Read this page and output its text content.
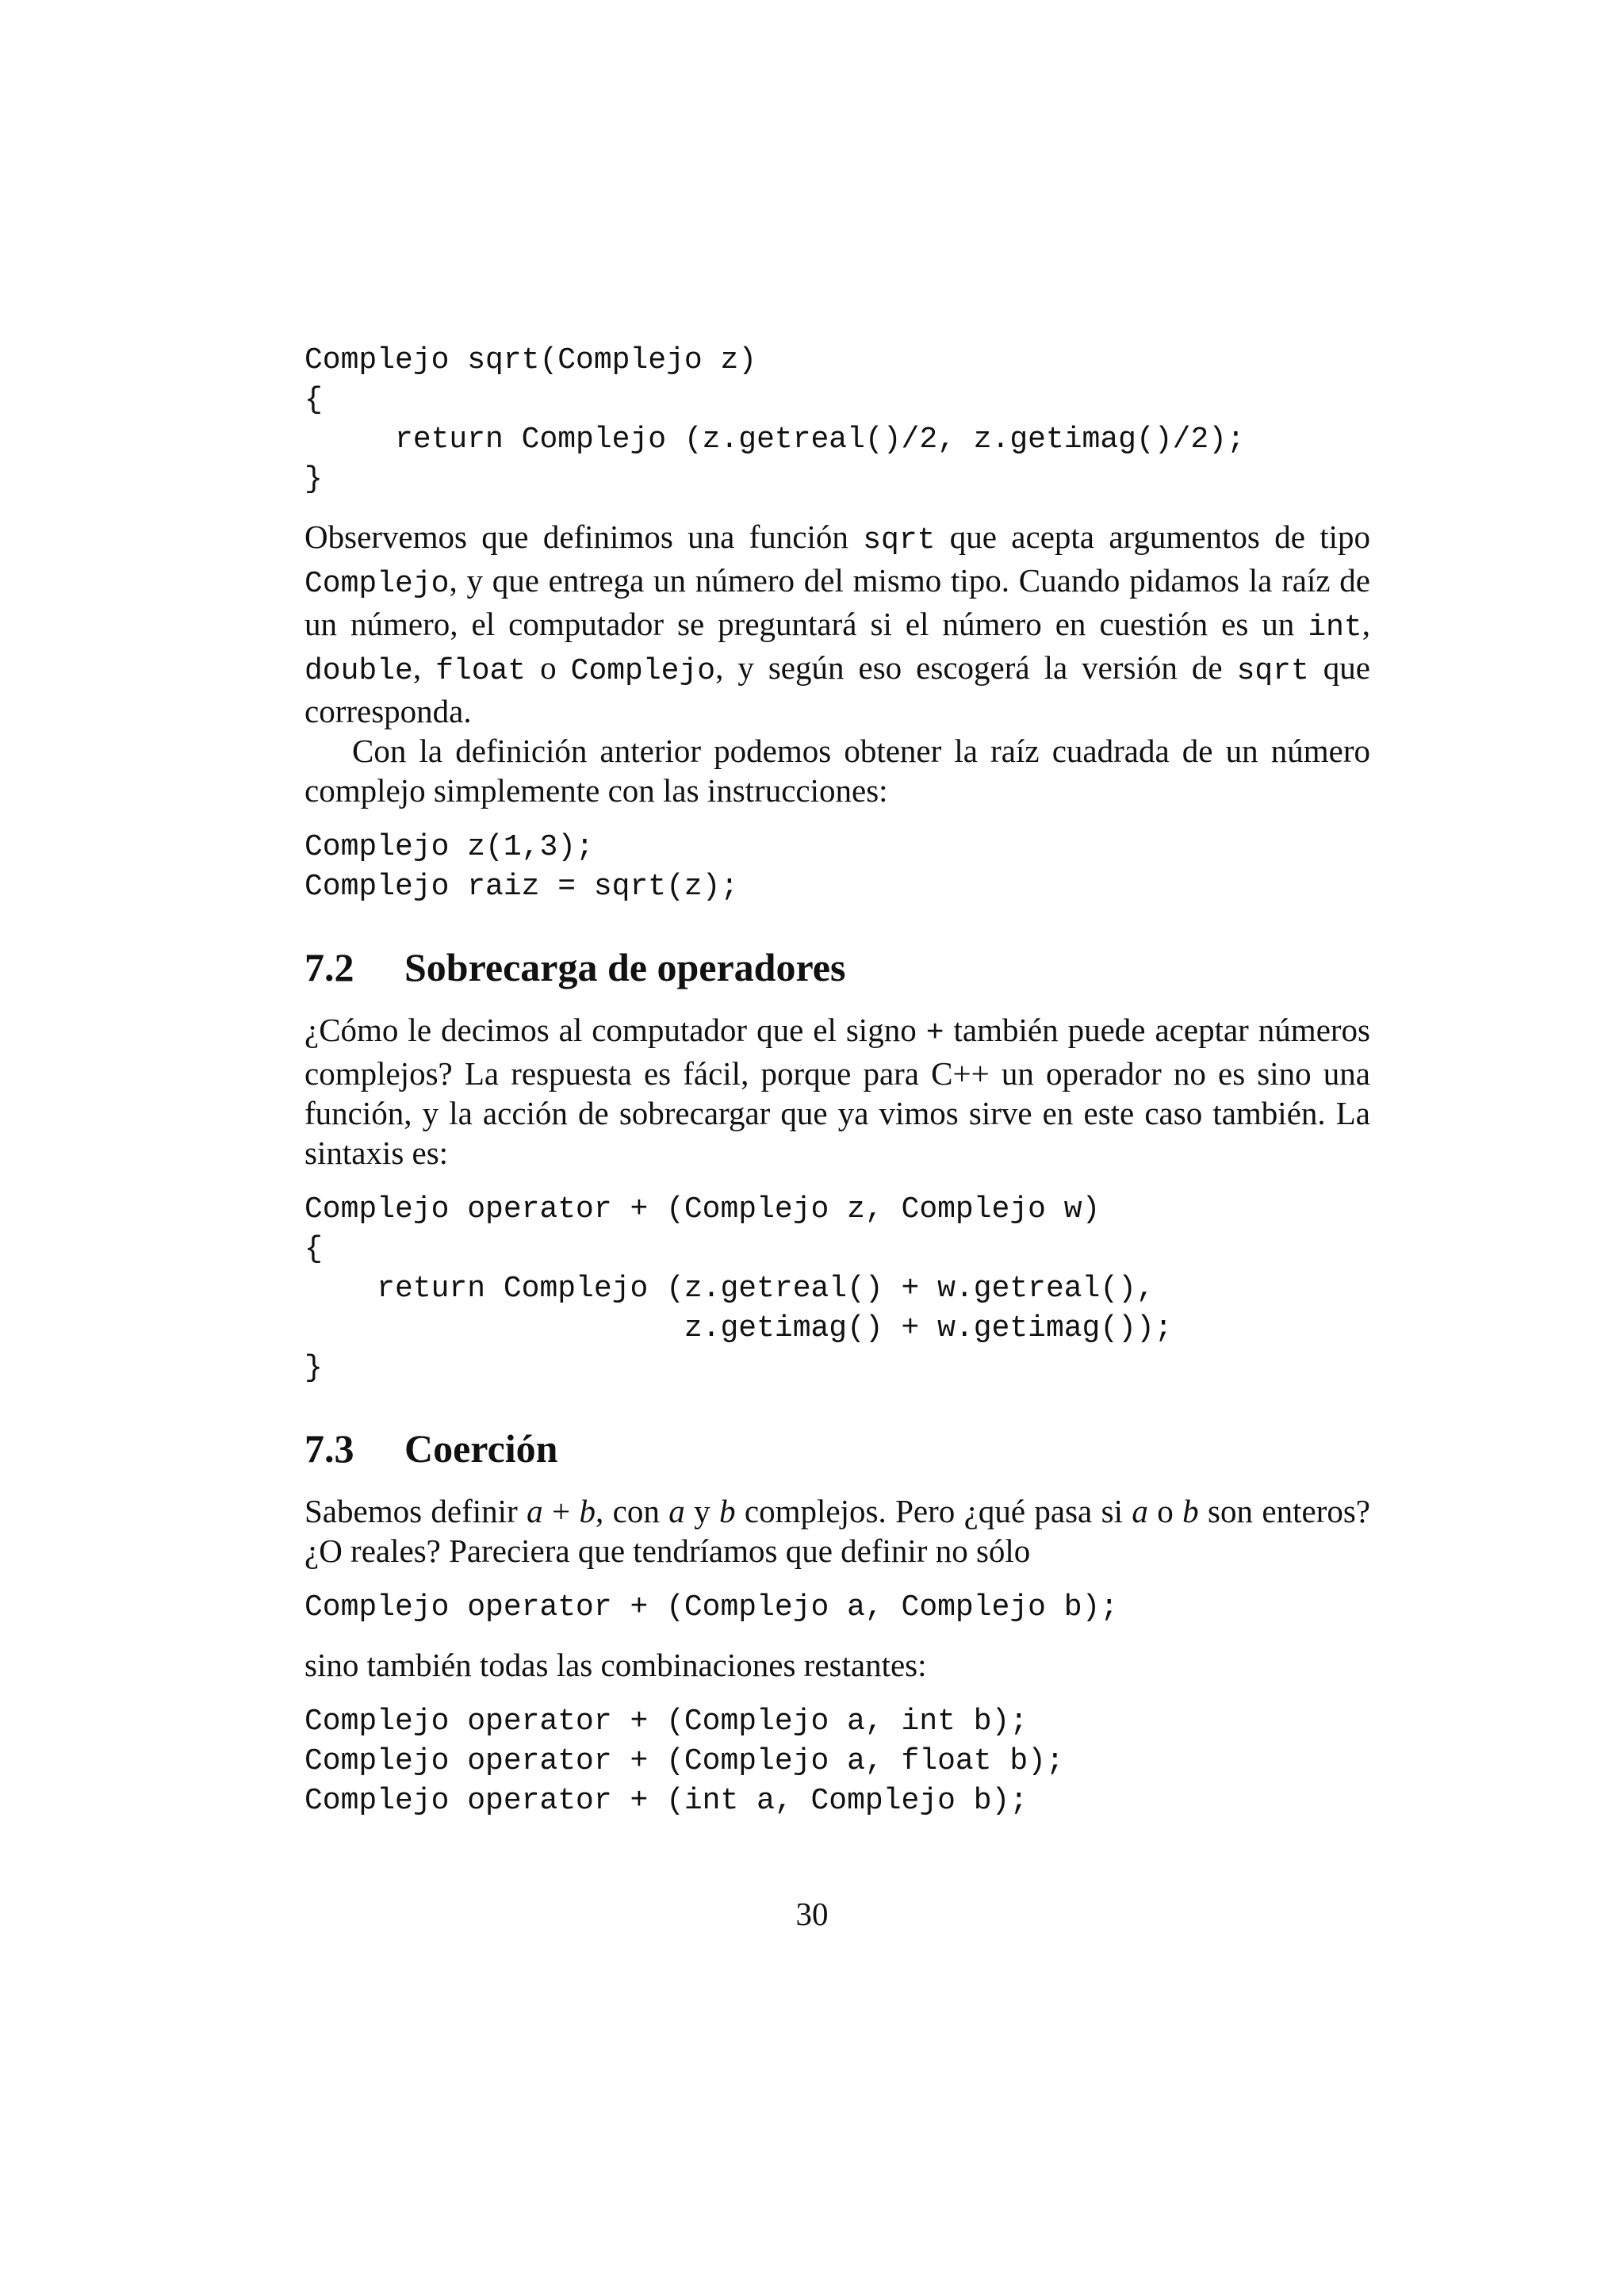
Complejo sqrt(Complejo z)
{
return Complejo (z.getreal()/2, z.getimag()/2);
}

Observemos que definimos una función sqrt que acepta argumentos de tipo Complejo, y que entrega un número del mismo tipo. Cuando pidamos la raíz de un número, el computador se preguntará si el número en cuestión es un int, double, float o Complejo, y según eso escogerá la versión de sqrt que corresponda.

Con la definición anterior podemos obtener la raíz cuadrada de un número complejo simplemente con las instrucciones:

Complejo z(1,3);
Complejo raiz = sqrt(z);
7.2	Sobrecarga de operadores

¿Cómo le decimos al computador que el signo + también puede aceptar números complejos? La respuesta es fácil, porque para C++ un operador no es sino una función, y la acción de sobrecargar que ya vimos sirve en este caso también. La sintaxis es:

Complejo operator + (Complejo z, Complejo w)
{
return Complejo (z.getreal() + w.getreal(),
z.getimag() + w.getimag());
}
7.3	Coerción

Sabemos definir a + b, con a y b complejos. Pero ¿qué pasa si a o b son enteros? ¿O reales? Pareciera que tendríamos que definir no sólo

Complejo operator + (Complejo a, Complejo b);

sino también todas las combinaciones restantes:

Complejo operator + (Complejo a, int b);
Complejo operator + (Complejo a, float b);
Complejo operator + (int a, Complejo b);
30
